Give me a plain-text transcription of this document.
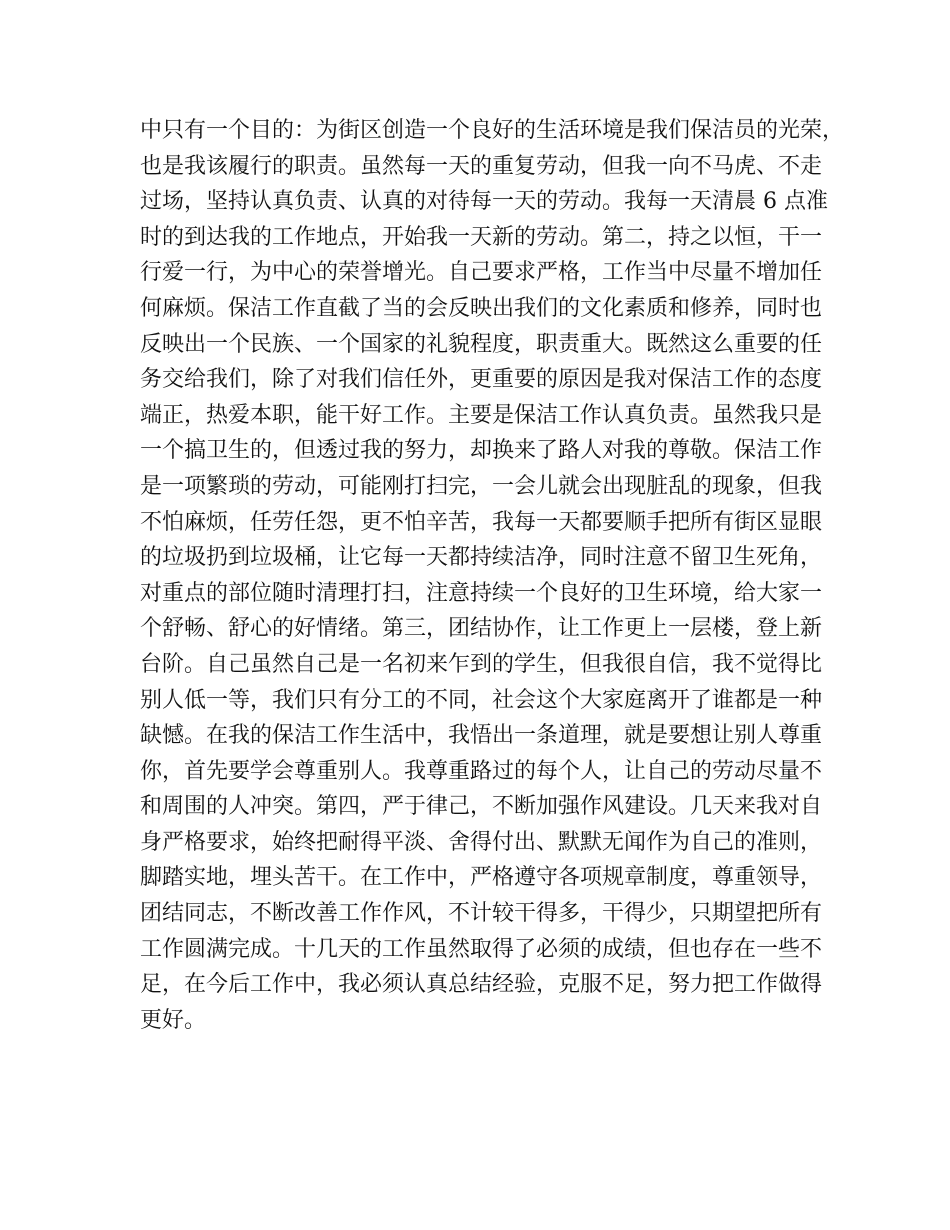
中只有一个目的：为街区创造一个良好的生活环境是我们保洁员的光荣，
也是我该履行的职责。虽然每一天的重复劳动，但我一向不马虎、不走
过场，坚持认真负责、认真的对待每一天的劳动。我每一天清晨 6 点准
时的到达我的工作地点，开始我一天新的劳动。第二，持之以恒，干一
行爱一行，为中心的荣誉增光。自己要求严格，工作当中尽量不增加任
何麻烦。保洁工作直截了当的会反映出我们的文化素质和修养，同时也
反映出一个民族、一个国家的礼貌程度，职责重大。既然这么重要的任
务交给我们，除了对我们信任外，更重要的原因是我对保洁工作的态度
端正，热爱本职，能干好工作。主要是保洁工作认真负责。虽然我只是
一个搞卫生的，但透过我的努力，却换来了路人对我的尊敬。保洁工作
是一项繁琐的劳动，可能刚打扫完，一会儿就会出现脏乱的现象，但我
不怕麻烦，任劳任怨，更不怕辛苦，我每一天都要顺手把所有街区显眼
的垃圾扔到垃圾桶，让它每一天都持续洁净，同时注意不留卫生死角，
对重点的部位随时清理打扫，注意持续一个良好的卫生环境，给大家一
个舒畅、舒心的好情绪。第三，团结协作，让工作更上一层楼，登上新
台阶。自己虽然自己是一名初来乍到的学生，但我很自信，我不觉得比
别人低一等，我们只有分工的不同，社会这个大家庭离开了谁都是一种
缺憾。在我的保洁工作生活中，我悟出一条道理，就是要想让别人尊重
你，首先要学会尊重别人。我尊重路过的每个人，让自己的劳动尽量不
和周围的人冲突。第四，严于律己，不断加强作风建设。几天来我对自
身严格要求，始终把耐得平淡、舍得付出、默默无闻作为自己的准则，
脚踏实地，埋头苦干。在工作中，严格遵守各项规章制度，尊重领导，
团结同志，不断改善工作作风，不计较干得多，干得少，只期望把所有
工作圆满完成。十几天的工作虽然取得了必须的成绩，但也存在一些不
足，在今后工作中，我必须认真总结经验，克服不足，努力把工作做得
更好。
